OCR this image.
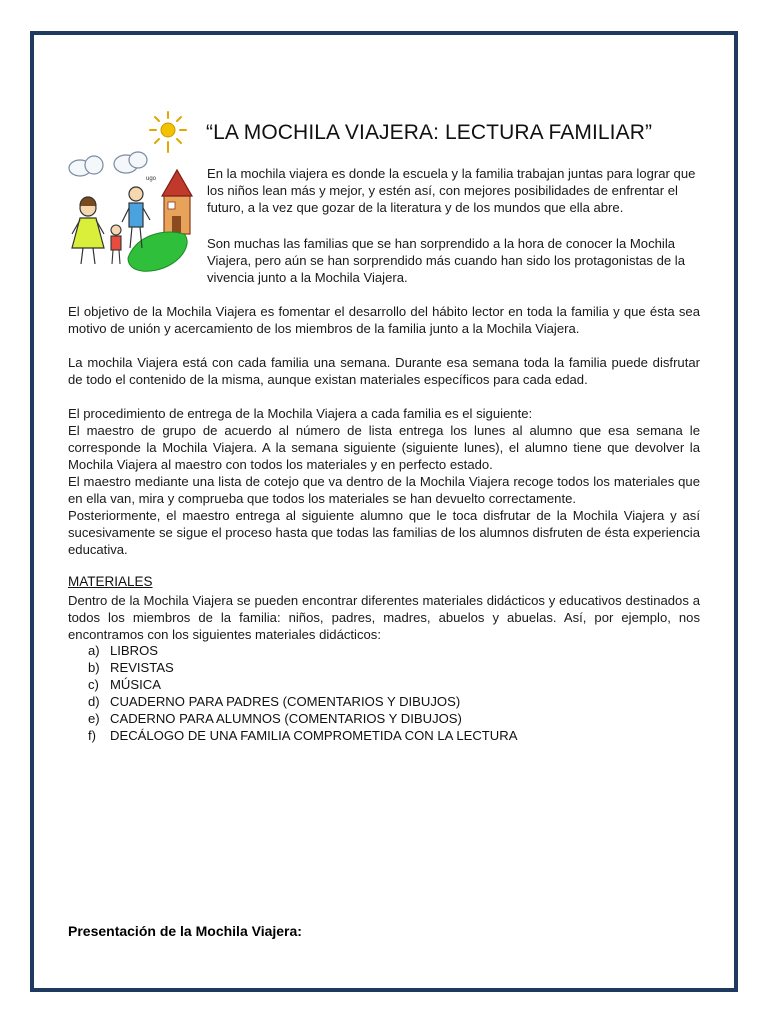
ugo
“LA MOCHILA VIAJERA: LECTURA FAMILIAR”

En la mochila viajera es donde la escuela y la familia trabajan juntas para lograr que los niños lean más y mejor, y estén así, con mejores posibilidades de enfrentar el futuro, a la vez que gozar de la literatura y de los mundos que ella abre.

Son muchas las familias que se han sorprendido a la hora de conocer la Mochila Viajera, pero aún se han sorprendido más cuando han sido los protagonistas de la vivencia junto a la Mochila Viajera.

El objetivo de la Mochila Viajera es fomentar el desarrollo del hábito lector en toda la familia y que ésta sea motivo de unión y acercamiento de los miembros de la familia junto a la Mochila Viajera.

La mochila Viajera está con cada familia una semana. Durante esa semana toda la familia puede disfrutar de todo el contenido de la misma, aunque existan materiales específicos para cada edad.

El procedimiento de entrega de la Mochila Viajera a cada familia es el siguiente:

El maestro de grupo de acuerdo al número de lista entrega los lunes al alumno que esa semana le corresponde la Mochila Viajera. A la semana siguiente (siguiente lunes), el alumno tiene que devolver la Mochila Viajera al maestro con todos los materiales y en perfecto estado.

El maestro mediante una lista de cotejo que va dentro de la Mochila Viajera recoge todos los materiales que en ella van, mira y comprueba que todos los materiales se han devuelto correctamente.

Posteriormente, el maestro entrega al siguiente alumno que le toca disfrutar de la Mochila Viajera y así sucesivamente se sigue el proceso hasta que todas las familias de los alumnos disfruten de ésta experiencia educativa.

MATERIALES

Dentro de la Mochila Viajera se pueden encontrar diferentes materiales didácticos y educativos destinados a todos los miembros de la familia: niños, padres, madres, abuelos y abuelas. Así, por ejemplo, nos encontramos con los siguientes materiales didácticos:

a) LIBROS
b) REVISTAS
c) MÚSICA
d) CUADERNO PARA PADRES (COMENTARIOS Y DIBUJOS)
e) CADERNO PARA ALUMNOS (COMENTARIOS Y DIBUJOS)
f)	DECÁLOGO DE UNA FAMILIA COMPROMETIDA CON LA LECTURA
Presentación de la Mochila Viajera:
